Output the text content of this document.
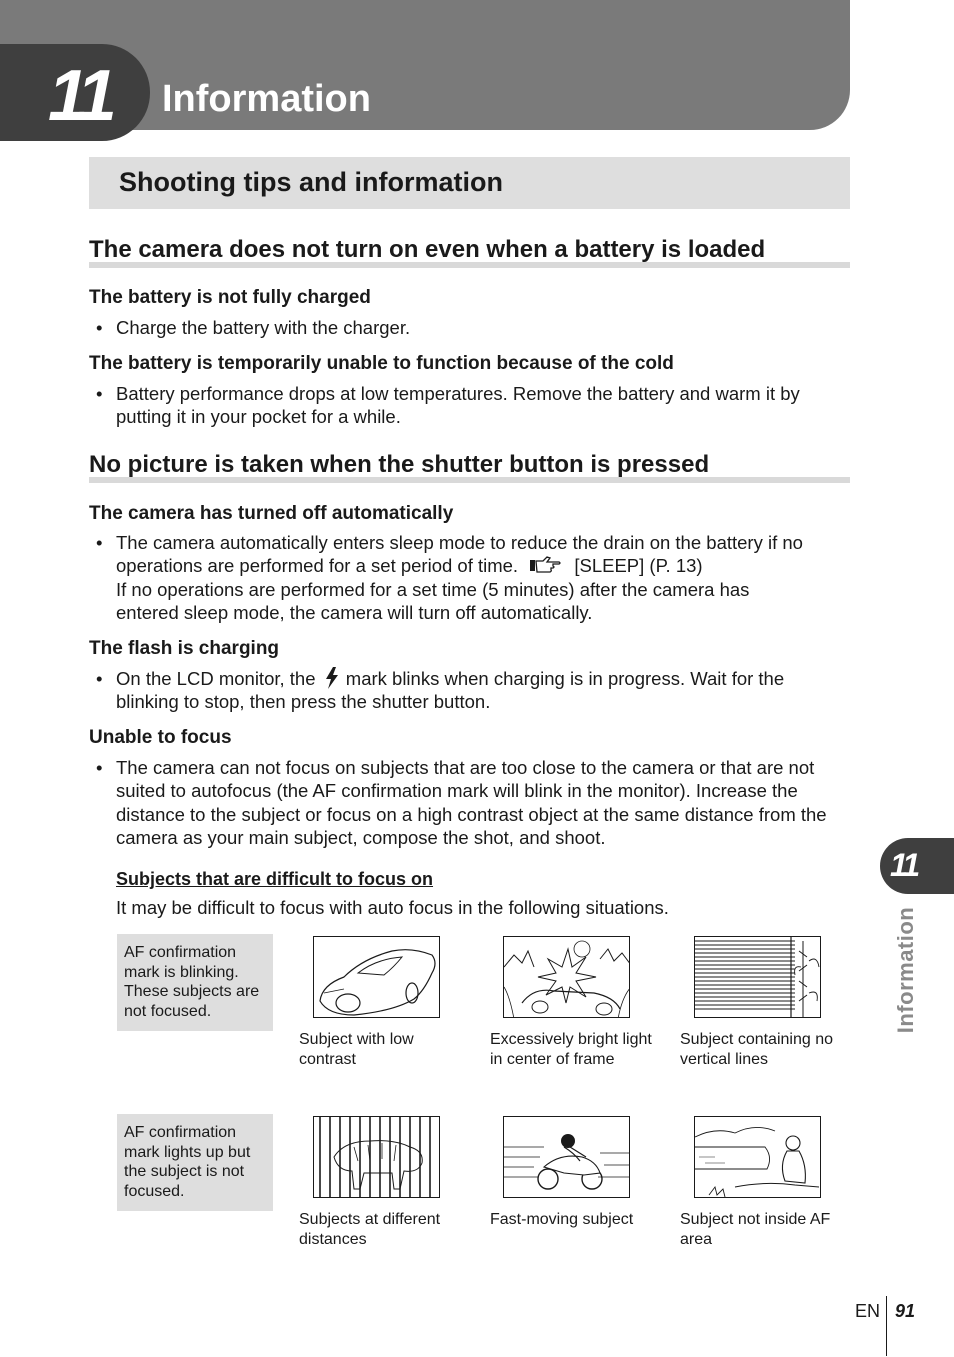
11 Information
Shooting tips and information
The camera does not turn on even when a battery is loaded
The battery is not fully charged
• Charge the battery with the charger.
The battery is temporarily unable to function because of the cold
• Battery performance drops at low temperatures. Remove the battery and warm it by putting it in your pocket for a while.
No picture is taken when the shutter button is pressed
The camera has turned off automatically
• The camera automatically enters sleep mode to reduce the drain on the battery if no
operations are performed for a set period of time.	[SLEEP] (P. 13)
If no operations are performed for a set time (5 minutes) after the camera has
entered sleep mode, the camera will turn off automatically.
The flash is charging
• On the LCD monitor, the mark blinks when charging is in progress. Wait for the
blinking to stop, then press the shutter button.
Unable to focus
• The camera can not focus on subjects that are too close to the camera or that are not suited to autofocus (the AF confirmation mark will blink in the monitor). Increase the distance to the subject or focus on a high contrast object at the same distance from the camera as your main subject, compose the shot, and shoot.
Subjects that are difficult to focus on
It may be difficult to focus with auto focus in the following situations.
AF confirmation mark is blinking. These subjects are not focused.
Subject with low contrast
Excessively bright light in center of frame
Subject containing no vertical lines
AF confirmation mark lights up but the subject is not focused.
Subjects at different distances
Fast-moving subject	Subject not inside AF area
11
Information
EN 91
